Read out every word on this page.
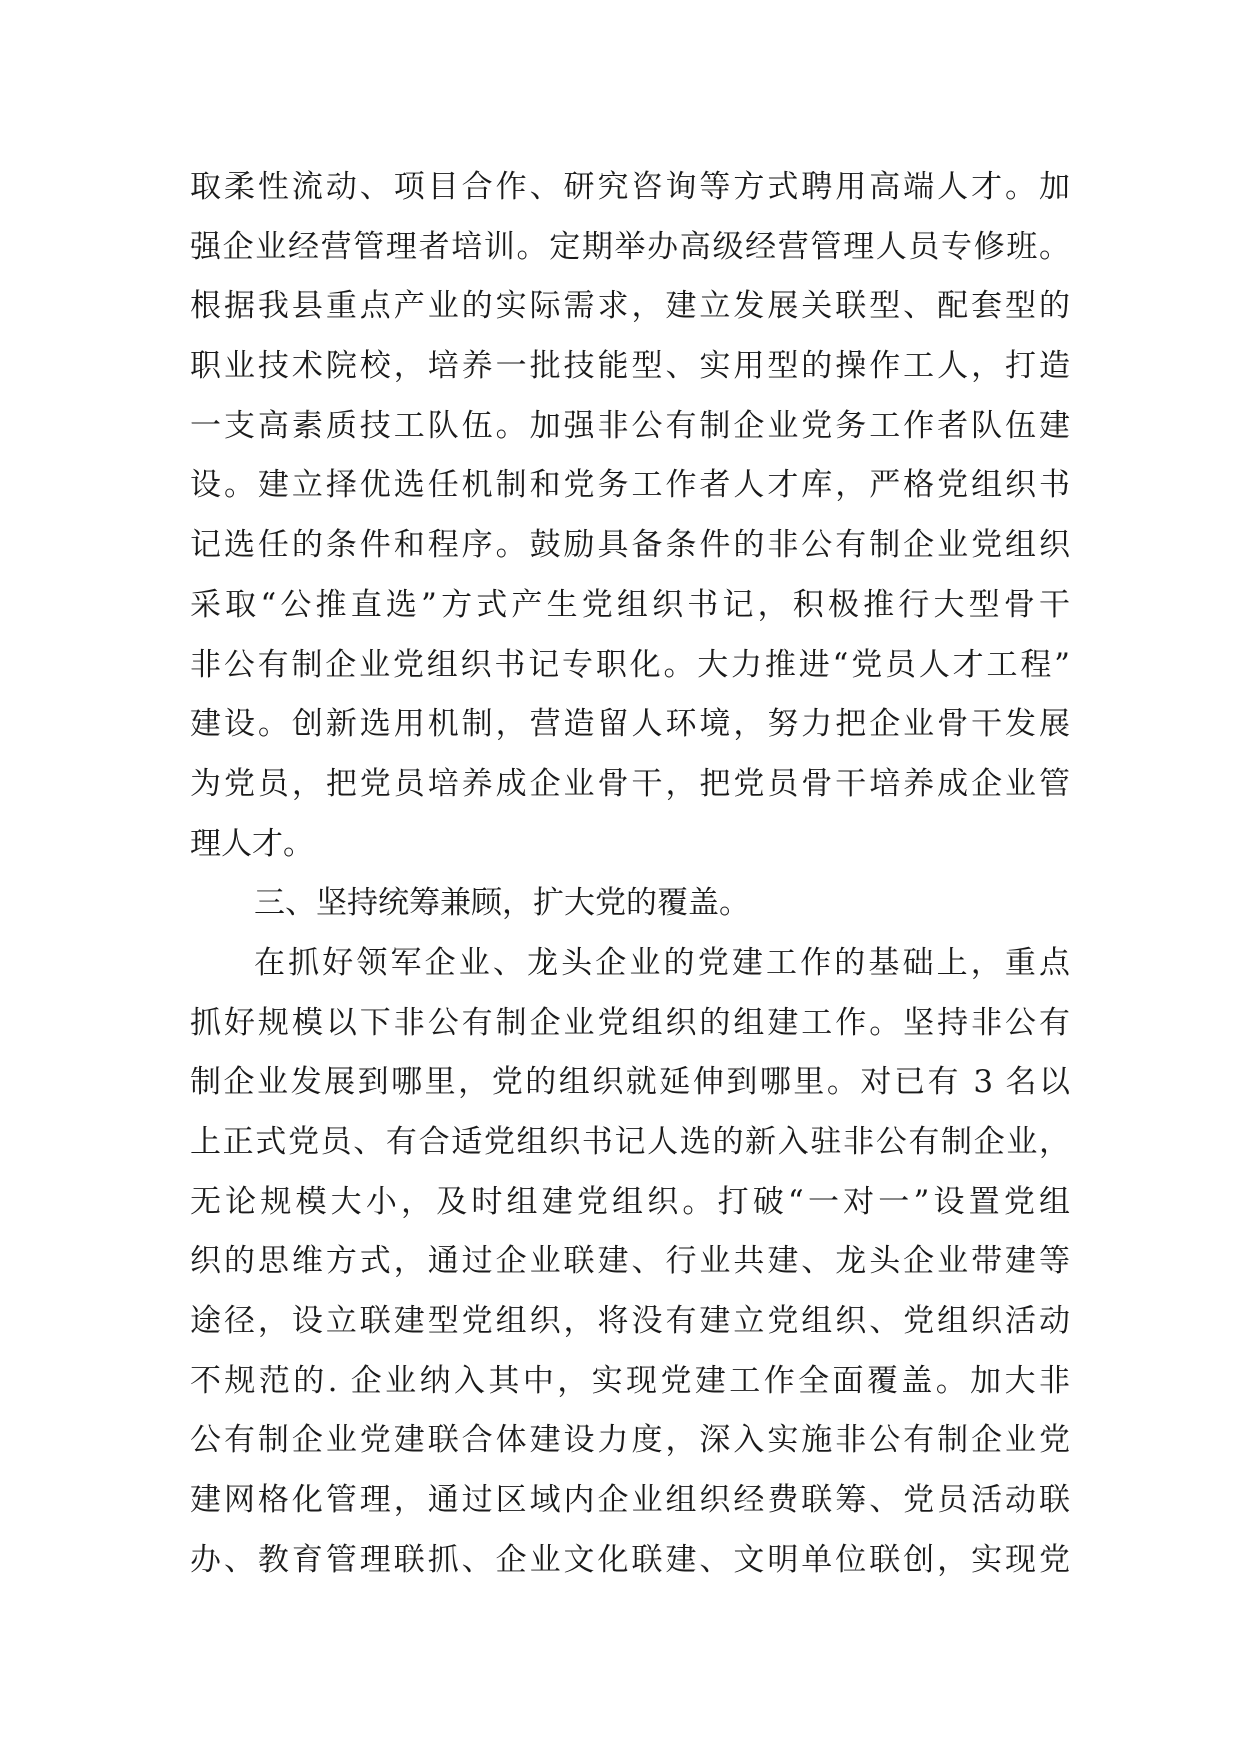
取柔性流动、项目合作、研究咨询等方式聘用高端人才。加
强企业经营管理者培训。定期举办高级经营管理人员专修班。
根据我县重点产业的实际需求，建立发展关联型、配套型的
职业技术院校，培养一批技能型、实用型的操作工人，打造
一支高素质技工队伍。加强非公有制企业党务工作者队伍建
设。建立择优选任机制和党务工作者人才库，严格党组织书
记选任的条件和程序。鼓励具备条件的非公有制企业党组织
采取“公推直选”方式产生党组织书记，积极推行大型骨干
非公有制企业党组织书记专职化。大力推进“党员人才工程”
建设。创新选用机制，营造留人环境，努力把企业骨干发展
为党员，把党员培养成企业骨干，把党员骨干培养成企业管
理人才。
三、坚持统筹兼顾，扩大党的覆盖。
在抓好领军企业、龙头企业的党建工作的基础上，重点
抓好规模以下非公有制企业党组织的组建工作。坚持非公有
制企业发展到哪里，党的组织就延伸到哪里。对已有 3 名以
上正式党员、有合适党组织书记人选的新入驻非公有制企业，
无论规模大小，及时组建党组织。打破“一对一”设置党组
织的思维方式，通过企业联建、行业共建、龙头企业带建等
途径，设立联建型党组织，将没有建立党组织、党组织活动
不规范的. 企业纳入其中，实现党建工作全面覆盖。加大非
公有制企业党建联合体建设力度，深入实施非公有制企业党
建网格化管理，通过区域内企业组织经费联筹、党员活动联
办、教育管理联抓、企业文化联建、文明单位联创，实现党
